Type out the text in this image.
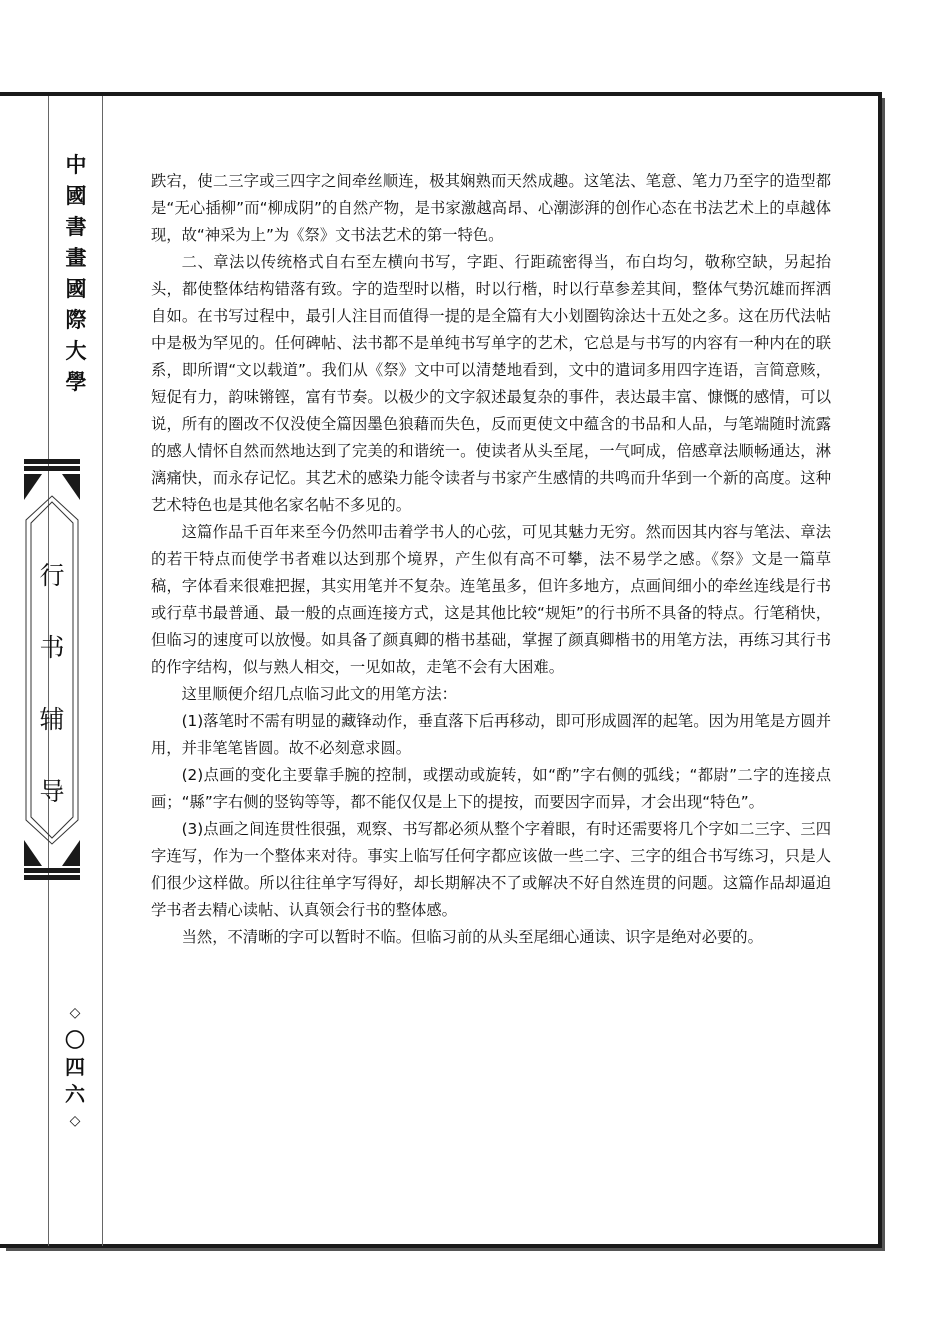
中
國
書
畫
國
際
大
學
行
书
辅
导
◇
〇
四
六
◇

跌宕，使二三字或三四字之间牵丝顺连，极其娴熟而天然成趣。这笔法、笔意、笔力乃至字的造型都是“无心插柳”而“柳成阴”的自然产物，是书家激越高昂、心潮澎湃的创作心态在书法艺术上的卓越体现，故“神采为上”为《祭》文书法艺术的第一特色。

二、章法以传统格式自右至左横向书写，字距、行距疏密得当，布白均匀，敬称空缺，另起抬头，都使整体结构错落有致。字的造型时以楷，时以行楷，时以行草参差其间，整体气势沉雄而挥洒自如。在书写过程中，最引人注目而值得一提的是全篇有大小划圈钩涂达十五处之多。这在历代法帖中是极为罕见的。任何碑帖、法书都不是单纯书写单字的艺术，它总是与书写的内容有一种内在的联系，即所谓“文以载道”。我们从《祭》文中可以清楚地看到，文中的遣词多用四字连语，言简意赅，短促有力，韵味锵铿，富有节奏。以极少的文字叙述最复杂的事件，表达最丰富、慷慨的感情，可以说，所有的圈改不仅没使全篇因墨色狼藉而失色，反而更使文中蕴含的书品和人品，与笔端随时流露的感人情怀自然而然地达到了完美的和谐统一。使读者从头至尾，一气呵成，倍感章法顺畅通达，淋漓痛快，而永存记忆。其艺术的感染力能令读者与书家产生感情的共鸣而升华到一个新的高度。这种艺术特色也是其他名家名帖不多见的。

这篇作品千百年来至今仍然叩击着学书人的心弦，可见其魅力无穷。然而因其内容与笔法、章法的若干特点而使学书者难以达到那个境界，产生似有高不可攀，法不易学之感。《祭》文是一篇草稿，字体看来很难把握，其实用笔并不复杂。连笔虽多，但许多地方，点画间细小的牵丝连线是行书或行草书最普通、最一般的点画连接方式，这是其他比较“规矩”的行书所不具备的特点。行笔稍快，但临习的速度可以放慢。如具备了颜真卿的楷书基础，掌握了颜真卿楷书的用笔方法，再练习其行书的作字结构，似与熟人相交，一见如故，走笔不会有大困难。

这里顺便介绍几点临习此文的用笔方法：

(1)落笔时不需有明显的藏锋动作，垂直落下后再移动，即可形成圆浑的起笔。因为用笔是方圆并用，并非笔笔皆圆。故不必刻意求圆。

(2)点画的变化主要靠手腕的控制，或摆动或旋转，如“酌”字右侧的弧线；“都尉”二字的连接点画；“縣”字右侧的竖钩等等，都不能仅仅是上下的提按，而要因字而异，才会出现“特色”。

(3)点画之间连贯性很强，观察、书写都必须从整个字着眼，有时还需要将几个字如二三字、三四字连写，作为一个整体来对待。事实上临写任何字都应该做一些二字、三字的组合书写练习，只是人们很少这样做。所以往往单字写得好，却长期解决不了或解决不好自然连贯的问题。这篇作品却逼迫学书者去精心读帖、认真领会行书的整体感。

当然，不清晰的字可以暂时不临。但临习前的从头至尾细心通读、识字是绝对必要的。
